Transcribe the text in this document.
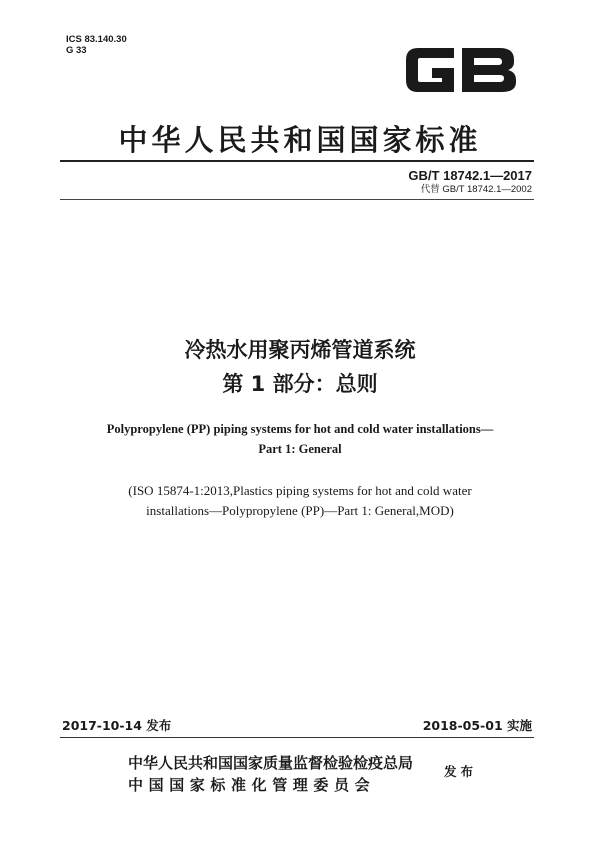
ICS 83.140.30
G 33
中华人民共和国国家标准
GB/T 18742.1—2017
代替 GB/T 18742.1—2002
冷热水用聚丙烯管道系统
第 1 部分：总则
Polypropylene (PP) piping systems for hot and cold water installations—
Part 1: General
(ISO 15874-1:2013,Plastics piping systems for hot and cold water
installations—Polypropylene (PP)—Part 1: General,MOD)
2017-10-14 发布	2018-05-01 实施
中华人民共和国国家质量监督检验检疫总局
中国国家标准化管理委员会
发布
